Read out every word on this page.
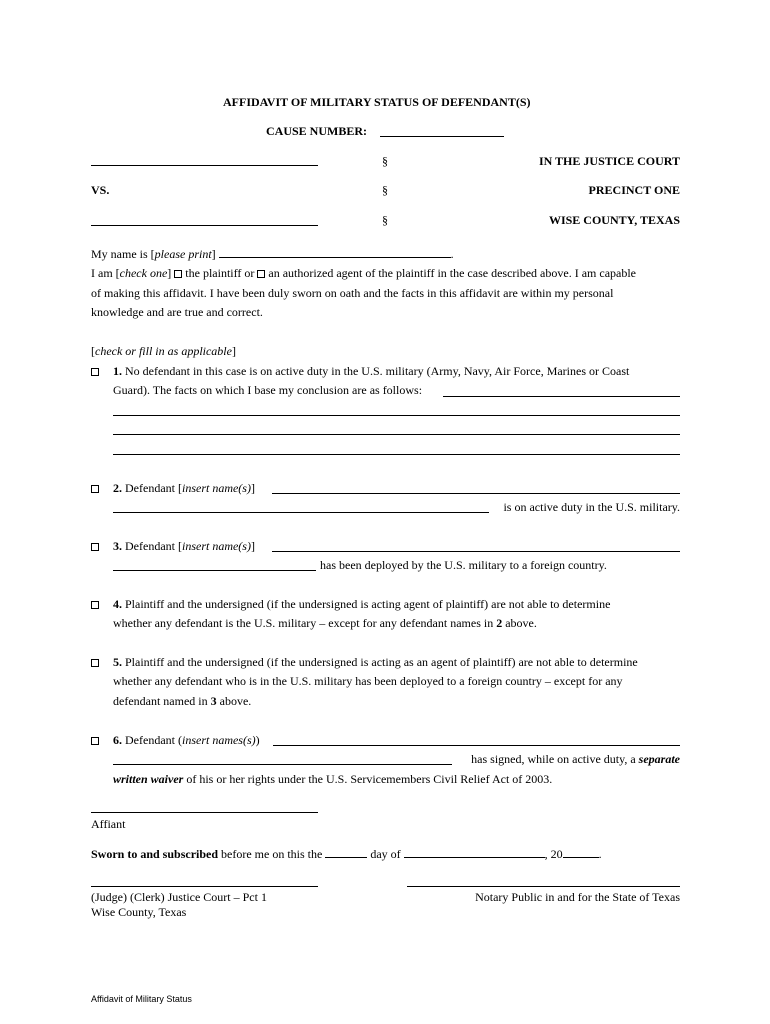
AFFIDAVIT OF MILITARY STATUS OF DEFENDANT(S)
CAUSE NUMBER:
§	IN THE JUSTICE COURT
VS.	§	PRECINCT ONE
§	WISE COUNTY, TEXAS
My name is [please print]	.
I am [check one] the plaintiff or an authorized agent of the plaintiff in the case described above. I am capable
of making this affidavit. I have been duly sworn on oath and the facts in this affidavit are within my personal
knowledge and are true and correct.
[check or fill in as applicable]
1. No defendant in this case is on active duty in the U.S. military (Army, Navy, Air Force, Marines or Coast
Guard). The facts on which I base my conclusion are as follows:
2. Defendant [insert name(s)]
is on active duty in the U.S. military.
3. Defendant [insert name(s)]
has been deployed by the U.S. military to a foreign country.
4. Plaintiff and the undersigned (if the undersigned is acting agent of plaintiff) are not able to determine
whether any defendant is the U.S. military – except for any defendant names in 2 above.
5. Plaintiff and the undersigned (if the undersigned is acting as an agent of plaintiff) are not able to determine
whether any defendant who is in the U.S. military has been deployed to a foreign country – except for any
defendant named in 3 above.
6. Defendant (insert names(s))
has signed, while on active duty, a separate
written waiver of his or her rights under the U.S. Servicemembers Civil Relief Act of 2003.
Affiant
Sworn to and subscribed before me on this the	day of	, 20	.
(Judge) (Clerk) Justice Court – Pct 1
Wise County, Texas
Notary Public in and for the State of Texas
Affidavit of Military Status
